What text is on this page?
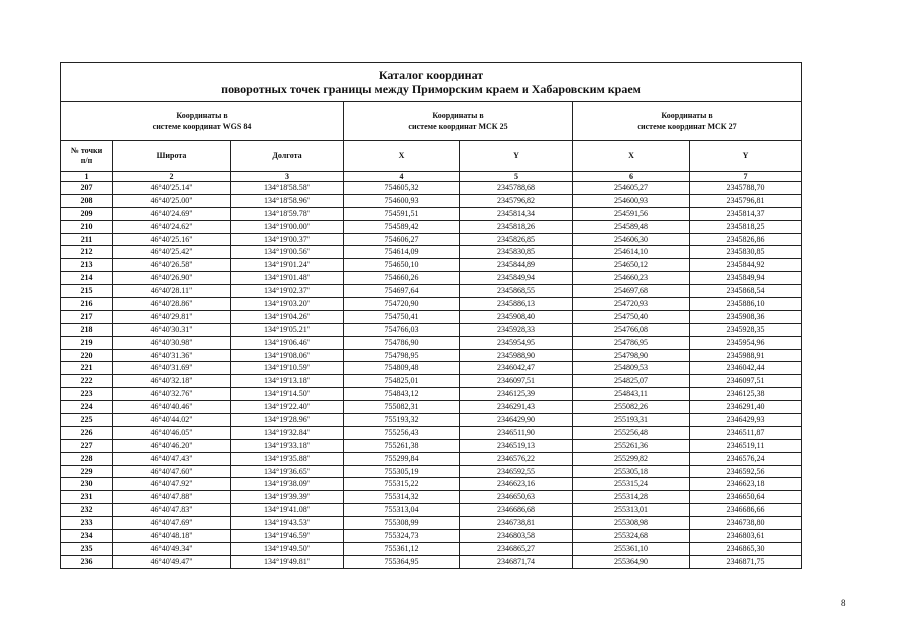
Каталог координат
поворотных точек границы между Приморским краем и Хабаровским краем						

Координаты в
системе координат WGS 84			Координаты в
системе координат МСК 25		Координаты в
системе координат МСК 27	
№ точки
п/п	Широта	Долгота	X	Y	X	Y
1	2	3	4	5	6	7
207	46°40'25.14"	134°18'58.58"	754605,32	2345788,68	254605,27	2345788,70
208	46°40'25.00"	134°18'58.96"	754600,93	2345796,82	254600,93	2345796,81
209	46°40'24.69"	134°18'59.78"	754591,51	2345814,34	254591,56	2345814,37
210	46°40'24.62"	134°19'00.00"	754589,42	2345818,26	254589,48	2345818,25
211	46°40'25.16"	134°19'00.37"	754606,27	2345826,85	254606,30	2345826,86
212	46°40'25.42"	134°19'00.56"	754614,09	2345830,85	254614,10	2345830,85
213	46°40'26.58"	134°19'01.24"	754650,10	2345844,89	254650,12	2345844,92
214	46°40'26.90"	134°19'01.48"	754660,26	2345849,94	254660,23	2345849,94
215	46°40'28.11"	134°19'02.37"	754697,64	2345868,55	254697,68	2345868,54
216	46°40'28.86"	134°19'03.20"	754720,90	2345886,13	254720,93	2345886,10
217	46°40'29.81"	134°19'04.26"	754750,41	2345908,40	254750,40	2345908,36
218	46°40'30.31"	134°19'05.21"	754766,03	2345928,33	254766,08	2345928,35
219	46°40'30.98"	134°19'06.46"	754786,90	2345954,95	254786,95	2345954,96
220	46°40'31.36"	134°19'08.06"	754798,95	2345988,90	254798,90	2345988,91
221	46°40'31.69"	134°19'10.59"	754809,48	2346042,47	254809,53	2346042,44
222	46°40'32.18"	134°19'13.18"	754825,01	2346097,51	254825,07	2346097,51
223	46°40'32.76"	134°19'14.50"	754843,12	2346125,39	254843,11	2346125,38
224	46°40'40.46"	134°19'22.40"	755082,31	2346291,43	255082,26	2346291,40
225	46°40'44.02"	134°19'28.96"	755193,32	2346429,90	255193,31	2346429,93
226	46°40'46.05"	134°19'32.84"	755256,43	2346511,90	255256,48	2346511,87
227	46°40'46.20"	134°19'33.18"	755261,38	2346519,13	255261,36	2346519,11
228	46°40'47.43"	134°19'35.88"	755299,84	2346576,22	255299,82	2346576,24
229	46°40'47.60"	134°19'36.65"	755305,19	2346592,55	255305,18	2346592,56
230	46°40'47.92"	134°19'38.09"	755315,22	2346623,16	255315,24	2346623,18
231	46°40'47.88"	134°19'39.39"	755314,32	2346650,63	255314,28	2346650,64
232	46°40'47.83"	134°19'41.08"	755313,04	2346686,68	255313,01	2346686,66
233	46°40'47.69"	134°19'43.53"	755308,99	2346738,81	255308,98	2346738,80
234	46°40'48.18"	134°19'46.59"	755324,73	2346803,58	255324,68	2346803,61
235	46°40'49.34"	134°19'49.50"	755361,12	2346865,27	255361,10	2346865,30
236	46°40'49.47"	134°19'49.81"	755364,95	2346871,74	255364,90	2346871,75
8
